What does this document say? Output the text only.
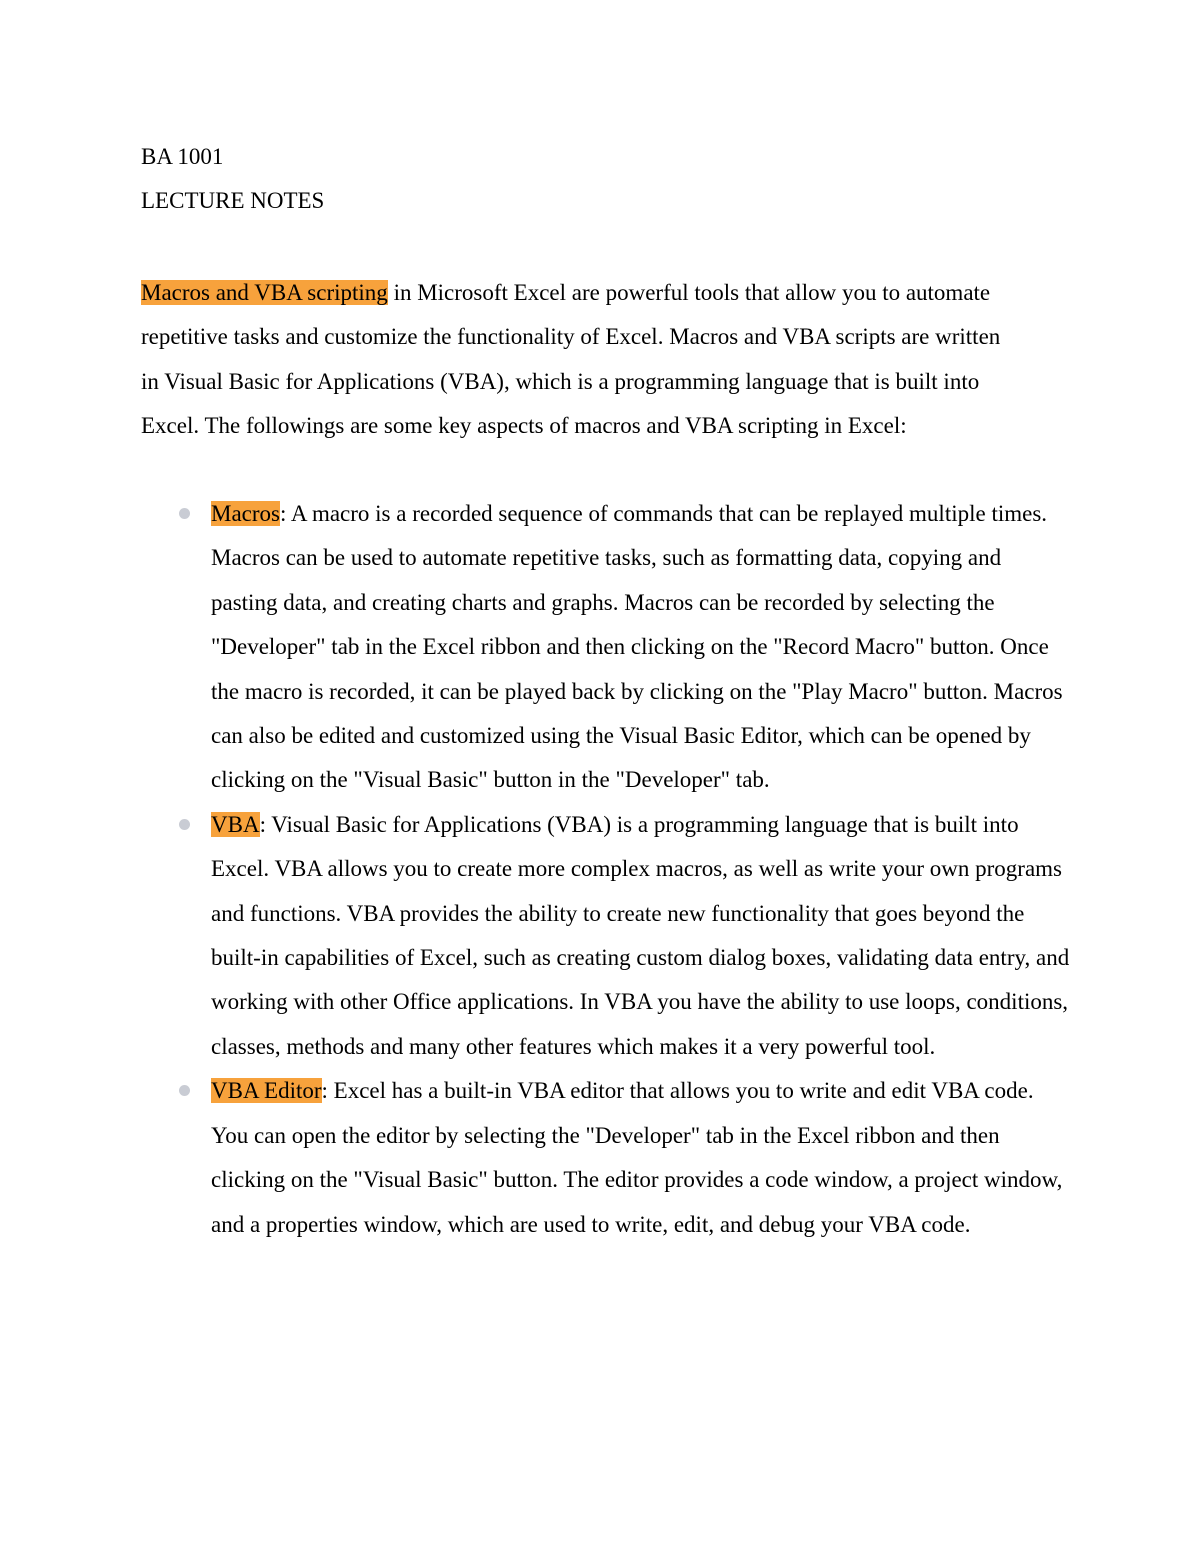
BA 1001
LECTURE NOTES

Macros and VBA scripting in Microsoft Excel are powerful tools that allow you to automate repetitive tasks and customize the functionality of Excel. Macros and VBA scripts are written in Visual Basic for Applications (VBA), which is a programming language that is built into Excel. The followings are some key aspects of macros and VBA scripting in Excel:

Macros: A macro is a recorded sequence of commands that can be replayed multiple times. Macros can be used to automate repetitive tasks, such as formatting data, copying and pasting data, and creating charts and graphs. Macros can be recorded by selecting the "Developer" tab in the Excel ribbon and then clicking on the "Record Macro" button. Once the macro is recorded, it can be played back by clicking on the "Play Macro" button. Macros can also be edited and customized using the Visual Basic Editor, which can be opened by clicking on the "Visual Basic" button in the "Developer" tab.
VBA: Visual Basic for Applications (VBA) is a programming language that is built into Excel. VBA allows you to create more complex macros, as well as write your own programs and functions. VBA provides the ability to create new functionality that goes beyond the built-in capabilities of Excel, such as creating custom dialog boxes, validating data entry, and working with other Office applications. In VBA you have the ability to use loops, conditions, classes, methods and many other features which makes it a very powerful tool.
VBA Editor: Excel has a built-in VBA editor that allows you to write and edit VBA code. You can open the editor by selecting the "Developer" tab in the Excel ribbon and then clicking on the "Visual Basic" button. The editor provides a code window, a project window, and a properties window, which are used to write, edit, and debug your VBA code.
